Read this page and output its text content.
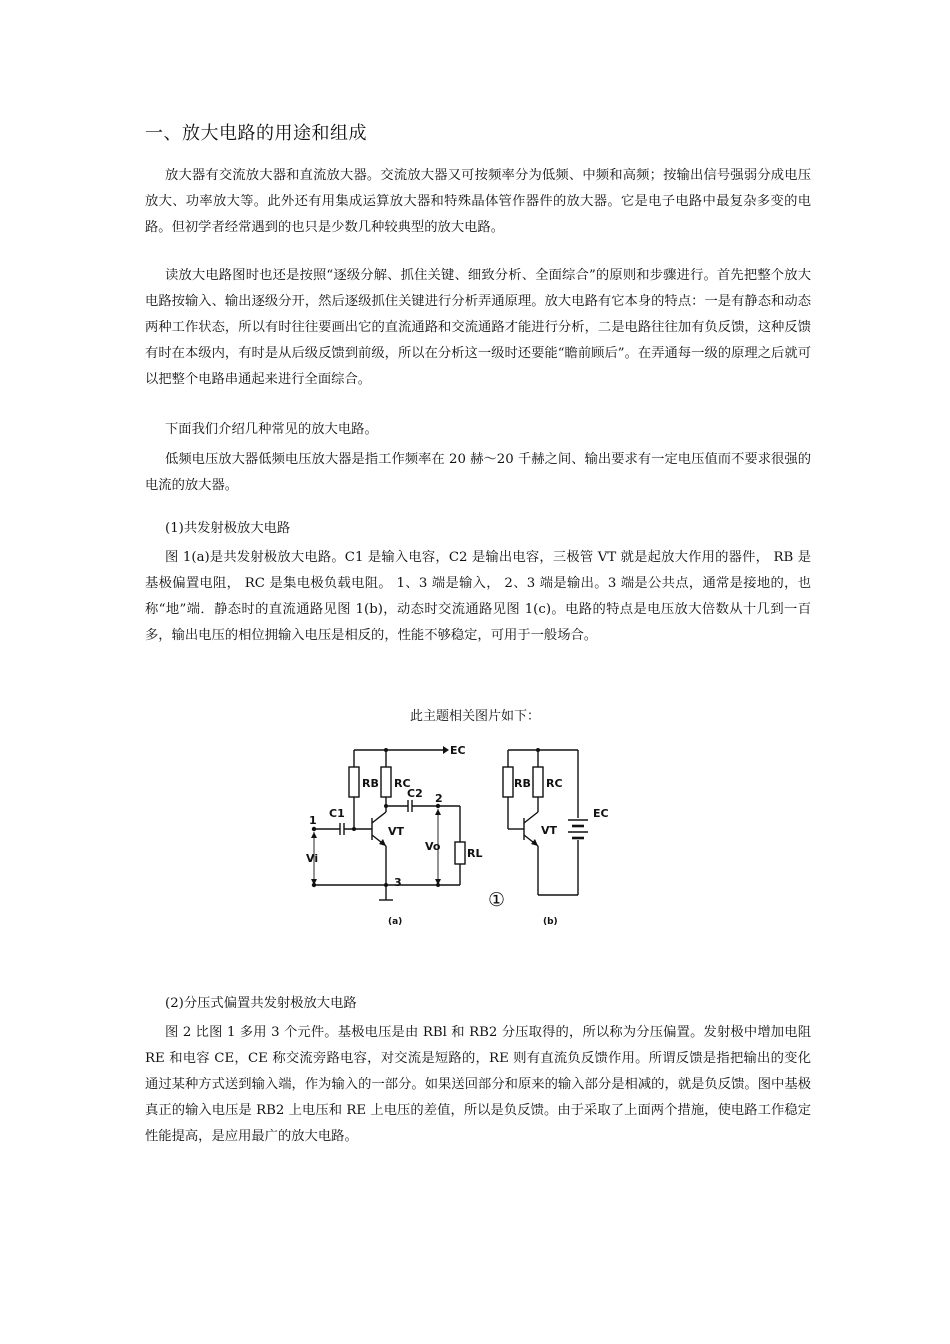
一、放大电路的用途和组成

放大器有交流放大器和直流放大器。交流放大器又可按频率分为低频、中频和高频；按输出信号强弱分成电压放大、功率放大等。此外还有用集成运算放大器和特殊晶体管作器件的放大器。它是电子电路中最复杂多变的电路。但初学者经常遇到的也只是少数几种较典型的放大电路。

读放大电路图时也还是按照“逐级分解、抓住关键、细致分析、全面综合”的原则和步骤进行。首先把整个放大电路按输入、输出逐级分开，然后逐级抓住关键进行分析弄通原理。放大电路有它本身的特点：一是有静态和动态两种工作状态，所以有时往往要画出它的直流通路和交流通路才能进行分析，二是电路往往加有负反馈，这种反馈有时在本级内，有时是从后级反馈到前级，所以在分析这一级时还要能“瞻前顾后”。在弄通每一级的原理之后就可以把整个电路串通起来进行全面综合。

下面我们介绍几种常见的放大电路。

低频电压放大器低频电压放大器是指工作频率在 20 赫～20 千赫之间、输出要求有一定电压值而不要求很强的电流的放大器。

(1)共发射极放大电路

图 1(a)是共发射极放大电路。C1 是输入电容，C2 是输出电容，三极管 VT 就是起放大作用的器件， RB 是基极偏置电阻， RC 是集电极负载电阻。 1、3 端是输入， 2、3 端是输出。3 端是公共点，通常是接地的，也称“地”端．静态时的直流通路见图 1(b)，动态时交流通路见图 1(c)。电路的特点是电压放大倍数从十几到一百多，输出电压的相位拥输入电压是相反的，性能不够稳定，可用于一般场合。

此主题相关图片如下：

EC
RB RC
C2
C1
VT
RL
Vi
Vo
1
2
3
(a)
①
(b)
RB RC
VT
EC

(2)分压式偏置共发射极放大电路

图 2 比图 1 多用 3 个元件。基极电压是由 RBl 和 RB2 分压取得的，所以称为分压偏置。发射极中增加电阻 RE 和电容 CE，CE 称交流旁路电容，对交流是短路的，RE 则有直流负反馈作用。所谓反馈是指把输出的变化通过某种方式送到输入端，作为输入的一部分。如果送回部分和原来的输入部分是相减的，就是负反馈。图中基极真正的输入电压是 RB2 上电压和 RE 上电压的差值，所以是负反馈。由于采取了上面两个措施，使电路工作稳定性能提高，是应用最广的放大电路。
